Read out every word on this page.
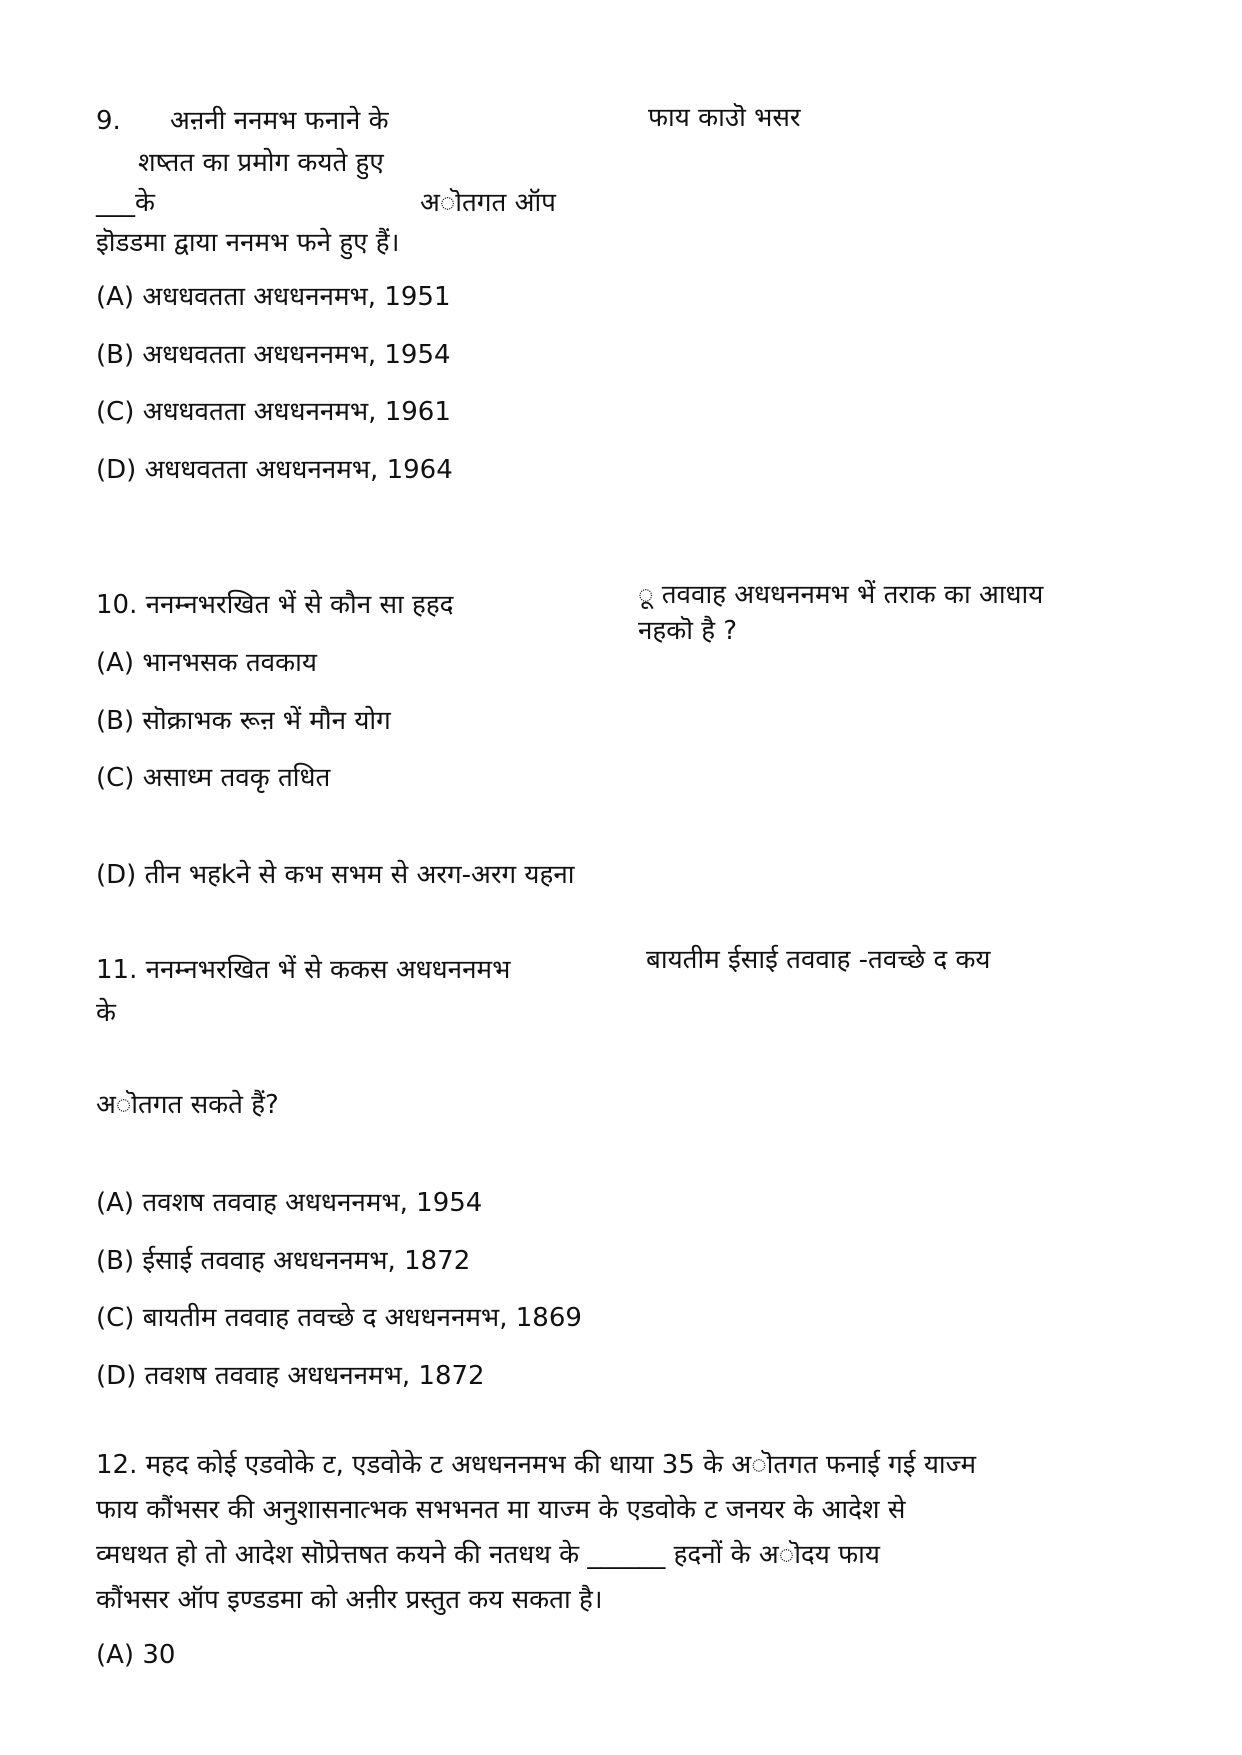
9. अऩनी ननमभ फनाने के	फाय काउॊ भसर
शष्तत का प्रमोग कयते हुए
___के	अॊतगत ऑप
इॊडडमा द्वाया ननमभ फने हुए हैं।
(A) अधधवतता अधधननमभ, 1951
(B) अधधवतता अधधननमभ, 1954
(C) अधधवतता अधधननमभ, 1961
(D) अधधवतता अधधननमभ, 1964
10. ननम्नभरखित भें से कौन सा हहद	ू तववाह अधधननमभ भें तराक का आधाय
नहकॊ है ?
(A) भानभसक तवकाय
(B) सॊक्राभक रूऩ भें मौन योग
(C) असाध्म तवकृ तधित
(D) तीन भहkने से कभ सभम से अरग-अरग यहना
11. ननम्नभरखित भें से ककस अधधननमभ	बायतीम ईसाई तववाह -तवच्छे द कय
के
अॊतगत सकते हैं?
(A) तवशष तववाह अधधननमभ, 1954
(B) ईसाई तववाह अधधननमभ, 1872
(C) बायतीम तववाह तवच्छे द अधधननमभ, 1869
(D) तवशष तववाह अधधननमभ, 1872
12. महद कोई एडवोके ट, एडवोके ट अधधननमभ की धाया 35 के अॊतगत फनाई गई याज्म
फाय कौंभसर की अनुशासनात्भक सभभनत मा याज्म के एडवोके ट जनयर के आदेश से
व्मधथत हो तो आदेश सॊप्रेत्तषत कयने की नतधथ के ______ हदनों के अॊदय फाय
कौंभसर ऑप इण्डडमा को अऩीर प्रस्तुत कय सकता है।
(A) 30
